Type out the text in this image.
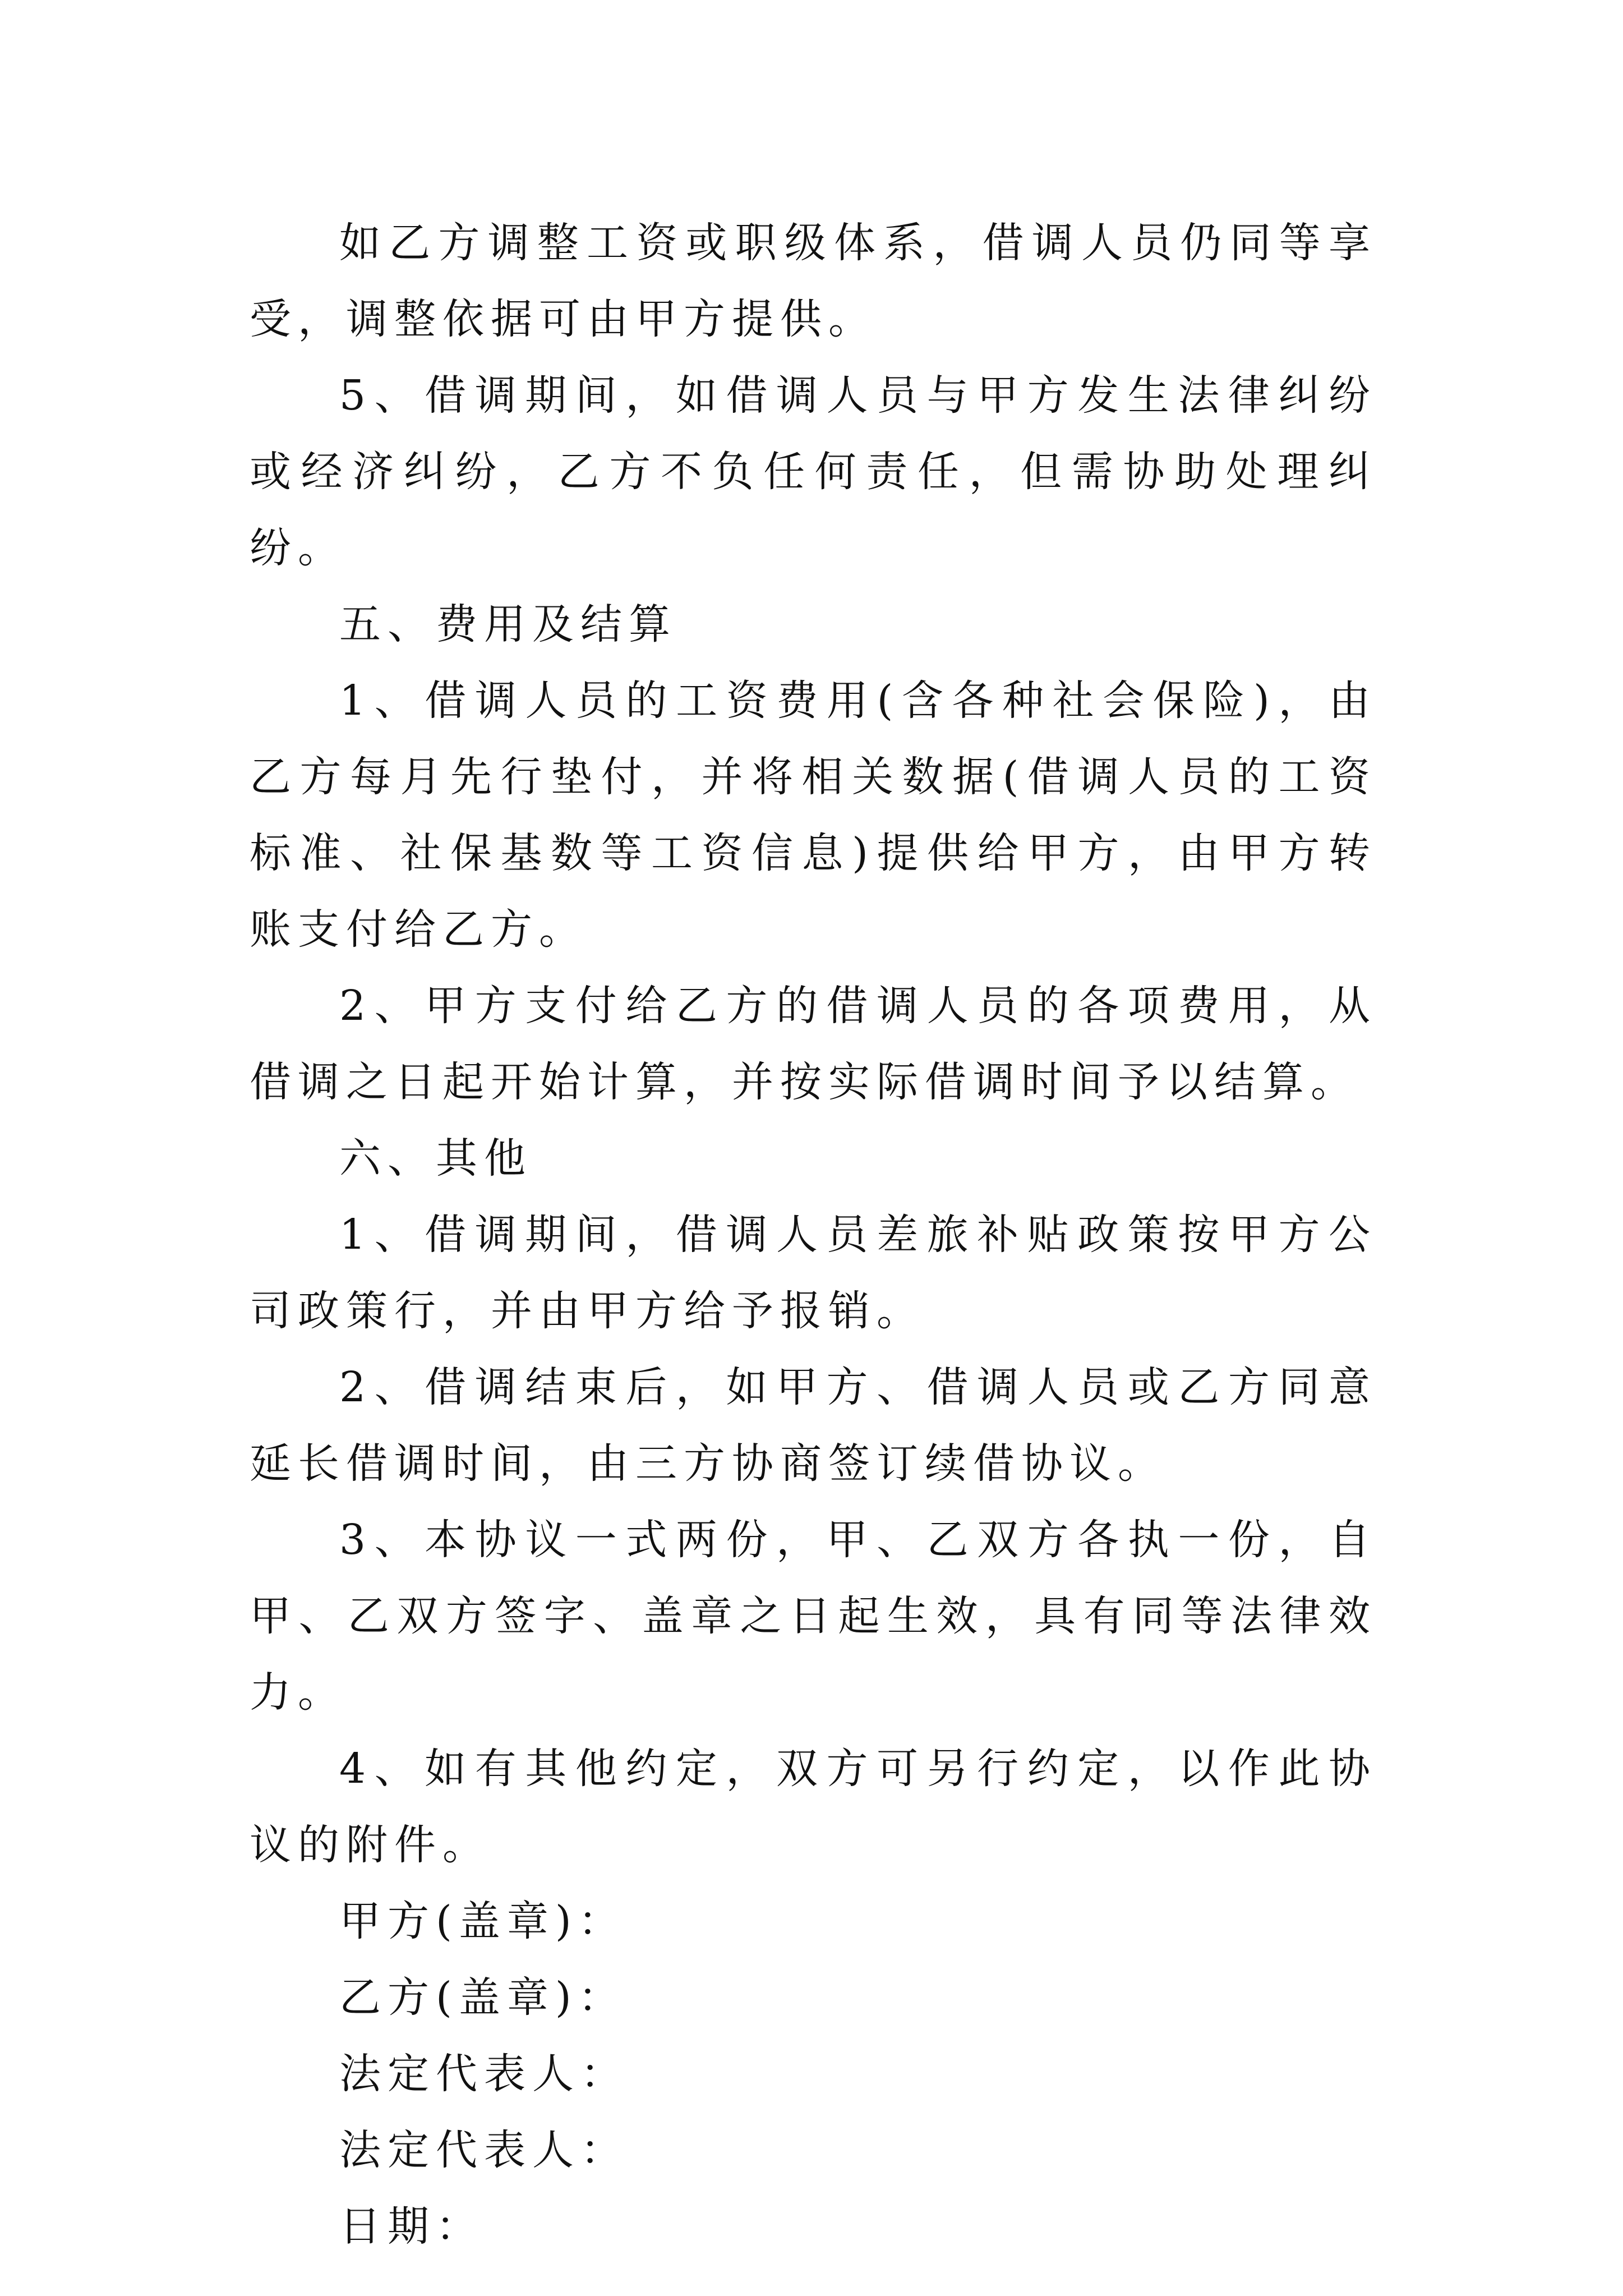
如乙方调整工资或职级体系，借调人员仍同等享受，调整依据可由甲方提供。

5、借调期间，如借调人员与甲方发生法律纠纷或经济纠纷，乙方不负任何责任，但需协助处理纠纷。

五、费用及结算

1、借调人员的工资费用(含各种社会保险)，由乙方每月先行垫付，并将相关数据(借调人员的工资标准、社保基数等工资信息)提供给甲方，由甲方转账支付给乙方。

2、甲方支付给乙方的借调人员的各项费用，从借调之日起开始计算，并按实际借调时间予以结算。

六、其他

1、借调期间，借调人员差旅补贴政策按甲方公司政策行，并由甲方给予报销。

2、借调结束后，如甲方、借调人员或乙方同意延长借调时间，由三方协商签订续借协议。

3、本协议一式两份，甲、乙双方各执一份，自甲、乙双方签字、盖章之日起生效，具有同等法律效力。

4、如有其他约定，双方可另行约定，以作此协议的附件。

甲方(盖章)：

乙方(盖章)：

法定代表人：

法定代表人：

日期：
